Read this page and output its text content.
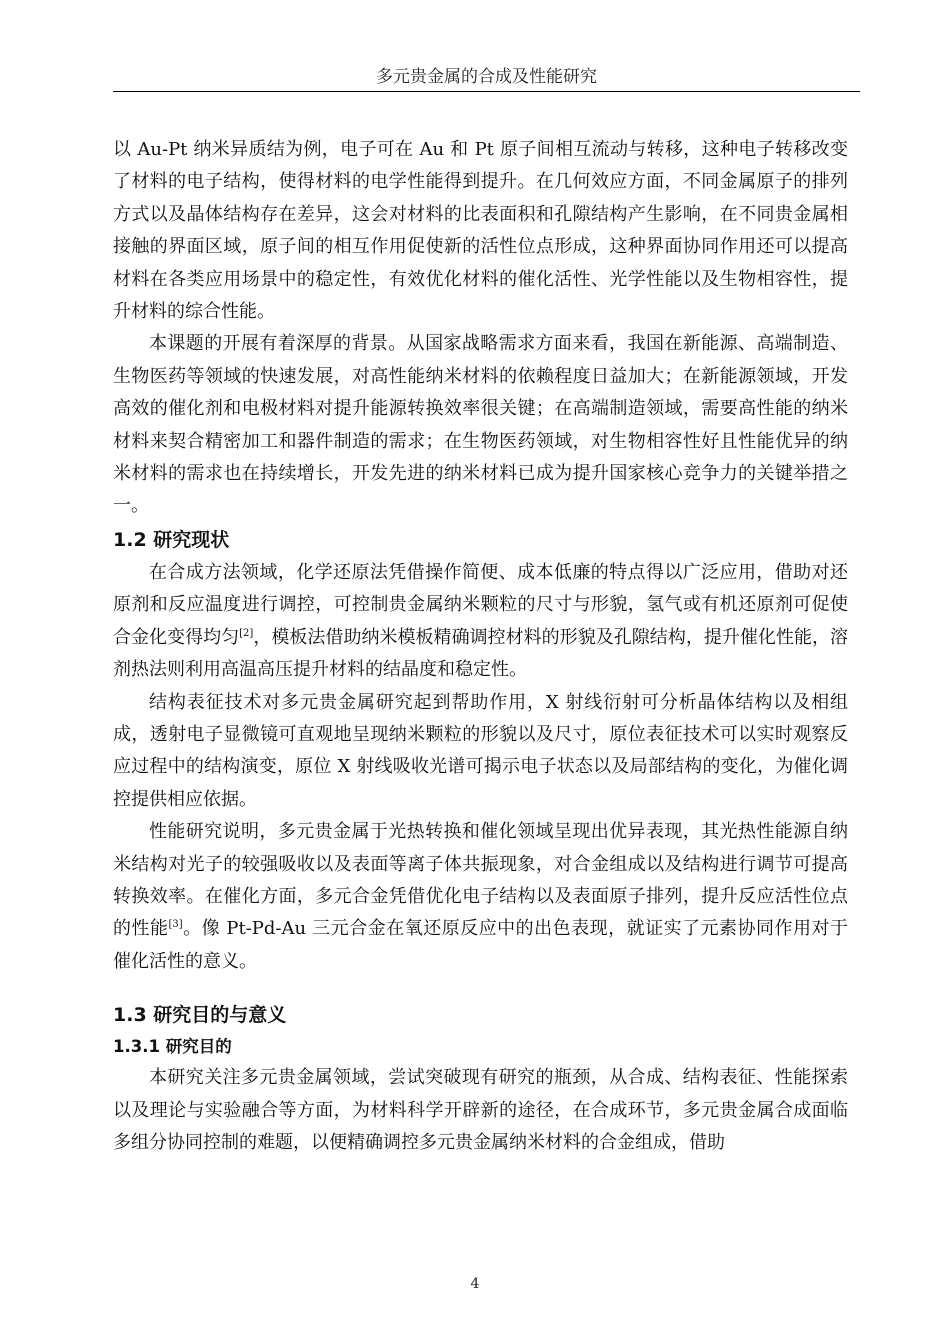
多元贵金属的合成及性能研究

以 Au-Pt 纳米异质结为例，电子可在 Au 和 Pt 原子间相互流动与转移，这种电子转移改变了材料的电子结构，使得材料的电学性能得到提升。在几何效应方面，不同金属原子的排列方式以及晶体结构存在差异，这会对材料的比表面积和孔隙结构产生影响，在不同贵金属相接触的界面区域，原子间的相互作用促使新的活性位点形成，这种界面协同作用还可以提高材料在各类应用场景中的稳定性，有效优化材料的催化活性、光学性能以及生物相容性，提升材料的综合性能。

本课题的开展有着深厚的背景。从国家战略需求方面来看，我国在新能源、高端制造、生物医药等领域的快速发展，对高性能纳米材料的依赖程度日益加大；在新能源领域，开发高效的催化剂和电极材料对提升能源转换效率很关键；在高端制造领域，需要高性能的纳米材料来契合精密加工和器件制造的需求；在生物医药领域，对生物相容性好且性能优异的纳米材料的需求也在持续增长，开发先进的纳米材料已成为提升国家核心竞争力的关键举措之一。

1.2 研究现状

在合成方法领域，化学还原法凭借操作简便、成本低廉的特点得以广泛应用，借助对还原剂和反应温度进行调控，可控制贵金属纳米颗粒的尺寸与形貌，氢气或有机还原剂可促使合金化变得均匀[2]，模板法借助纳米模板精确调控材料的形貌及孔隙结构，提升催化性能，溶剂热法则利用高温高压提升材料的结晶度和稳定性。

结构表征技术对多元贵金属研究起到帮助作用，X 射线衍射可分析晶体结构以及相组成，透射电子显微镜可直观地呈现纳米颗粒的形貌以及尺寸，原位表征技术可以实时观察反应过程中的结构演变，原位 X 射线吸收光谱可揭示电子状态以及局部结构的变化，为催化调控提供相应依据。

性能研究说明，多元贵金属于光热转换和催化领域呈现出优异表现，其光热性能源自纳米结构对光子的较强吸收以及表面等离子体共振现象，对合金组成以及结构进行调节可提高转换效率。在催化方面，多元合金凭借优化电子结构以及表面原子排列，提升反应活性位点的性能[3]。像 Pt-Pd-Au 三元合金在氧还原反应中的出色表现，就证实了元素协同作用对于催化活性的意义。

1.3 研究目的与意义
1.3.1 研究目的

本研究关注多元贵金属领域，尝试突破现有研究的瓶颈，从合成、结构表征、性能探索以及理论与实验融合等方面，为材料科学开辟新的途径，在合成环节，多元贵金属合成面临多组分协同控制的难题，以便精确调控多元贵金属纳米材料的合金组成，借助

4
